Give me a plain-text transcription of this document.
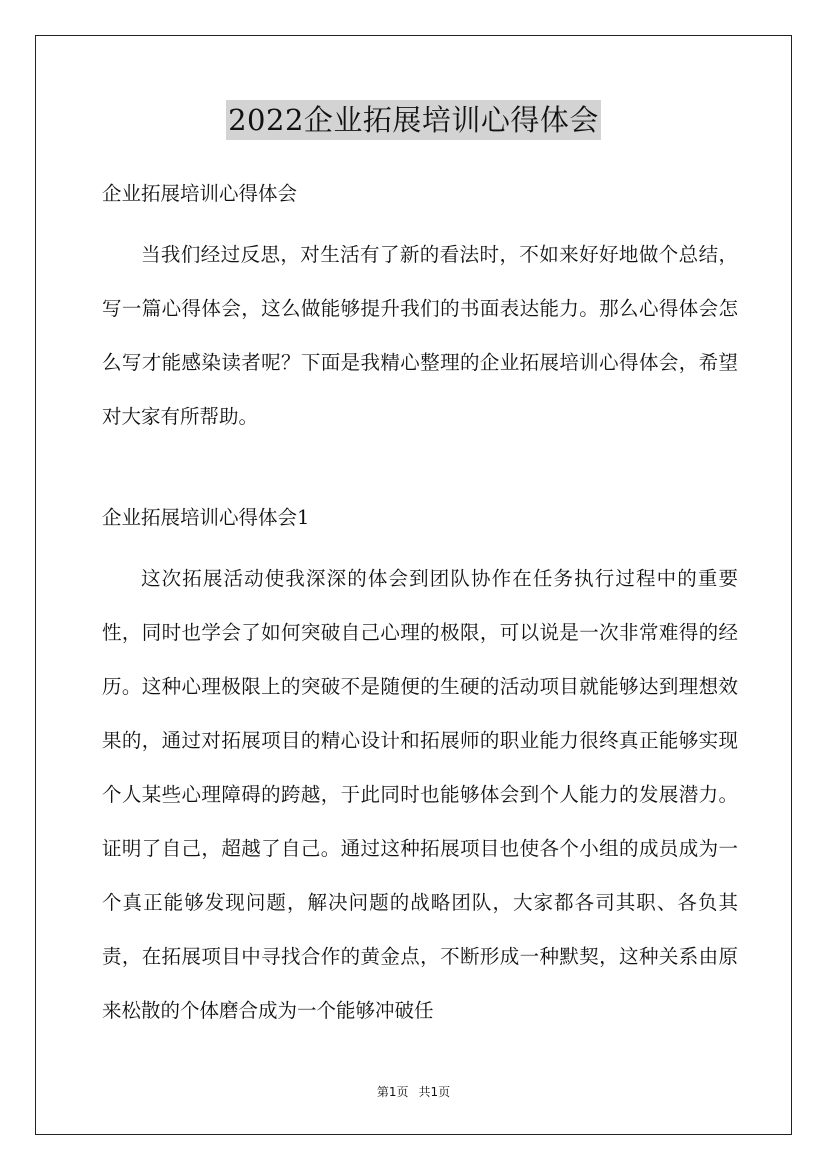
2022企业拓展培训心得体会

企业拓展培训心得体会

当我们经过反思，对生活有了新的看法时，不如来好好地做个总结，写一篇心得体会，这么做能够提升我们的书面表达能力。那么心得体会怎么写才能感染读者呢？下面是我精心整理的企业拓展培训心得体会，希望对大家有所帮助。

企业拓展培训心得体会1

这次拓展活动使我深深的体会到团队协作在任务执行过程中的重要性，同时也学会了如何突破自己心理的极限，可以说是一次非常难得的经历。这种心理极限上的突破不是随便的生硬的活动项目就能够达到理想效果的，通过对拓展项目的精心设计和拓展师的职业能力很终真正能够实现个人某些心理障碍的跨越，于此同时也能够体会到个人能力的发展潜力。证明了自己，超越了自己。通过这种拓展项目也使各个小组的成员成为一个真正能够发现问题，解决问题的战略团队，大家都各司其职、各负其责，在拓展项目中寻找合作的黄金点，不断形成一种默契，这种关系由原来松散的个体磨合成为一个能够冲破任

第1页 共1页
